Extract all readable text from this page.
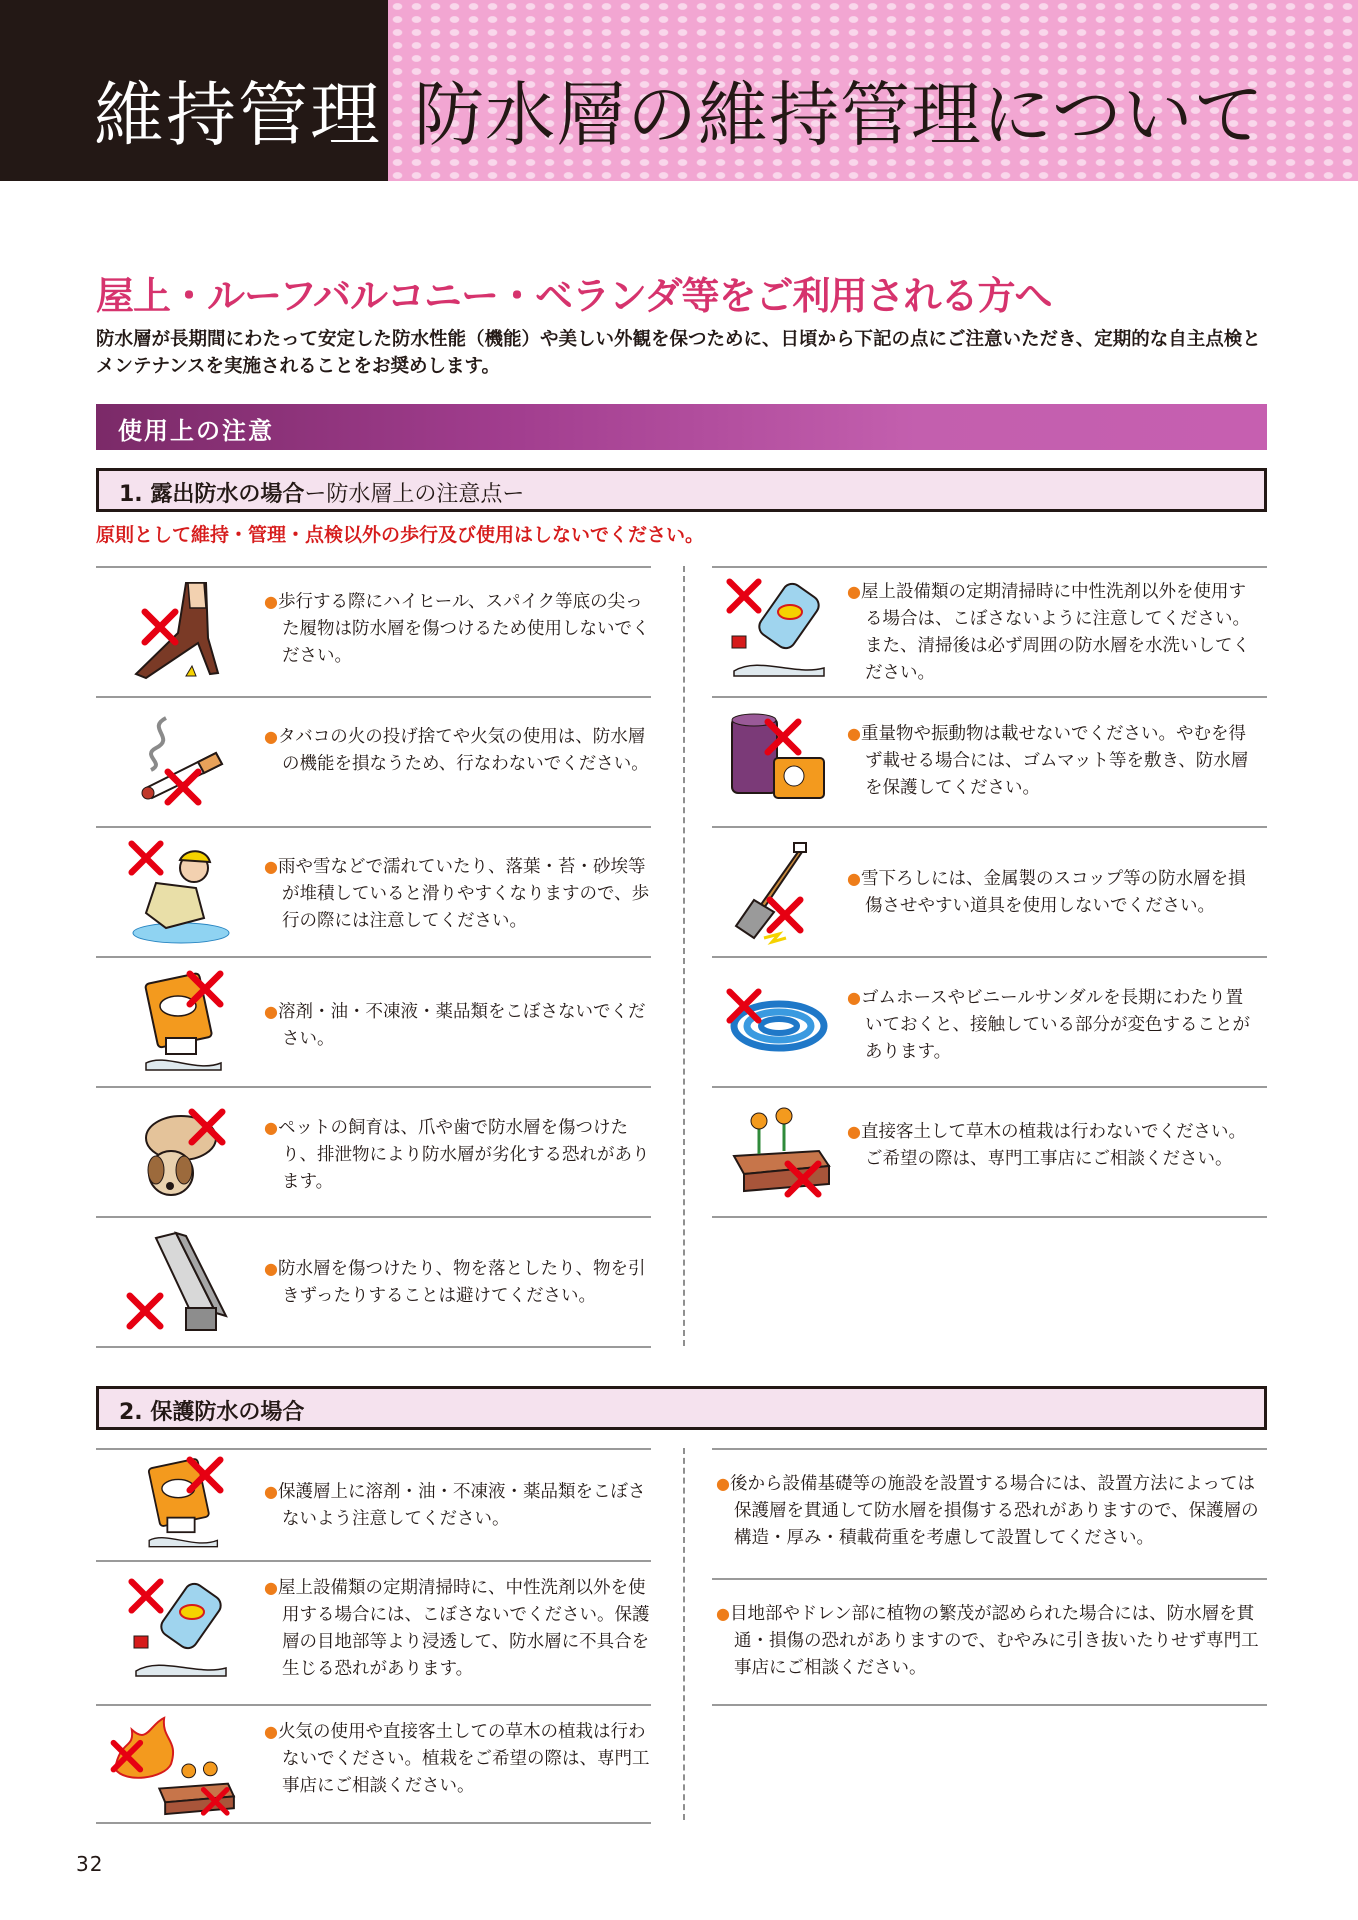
維持管理 防水層の維持管理について
屋上・ルーフバルコニー・ベランダ等をご利用される方へ
防水層が長期間にわたって安定した防水性能（機能）や美しい外観を保つために、日頃から下記の点にご注意いただき、定期的な自主点検とメンテナンスを実施されることをお奨めします。
使用上の注意
1. 露出防水の場合ー防水層上の注意点ー
原則として維持・管理・点検以外の歩行及び使用はしないでください。
● 歩行する際にハイヒール、スパイク等底の尖った履物は防水層を傷つけるため使用しないでください。
● タバコの火の投げ捨てや火気の使用は、防水層の機能を損なうため、行なわないでください。
● 雨や雪などで濡れていたり、落葉・苔・砂埃等が堆積していると滑りやすくなりますので、歩行の際には注意してください。
● 溶剤・油・不凍液・薬品類をこぼさないでください。
● ペットの飼育は、爪や歯で防水層を傷つけたり、排泄物により防水層が劣化する恐れがあります。
● 防水層を傷つけたり、物を落としたり、物を引きずったりすることは避けてください。
● 屋上設備類の定期清掃時に中性洗剤以外を使用する場合は、こぼさないように注意してください。また、清掃後は必ず周囲の防水層を水洗いしてください。
● 重量物や振動物は載せないでください。やむを得ず載せる場合には、ゴムマット等を敷き、防水層を保護してください。
● 雪下ろしには、金属製のスコップ等の防水層を損傷させやすい道具を使用しないでください。
● ゴムホースやビニールサンダルを長期にわたり置いておくと、接触している部分が変色することがあります。
● 直接客土して草木の植栽は行わないでください。ご希望の際は、専門工事店にご相談ください。
2. 保護防水の場合
● 保護層上に溶剤・油・不凍液・薬品類をこぼさないよう注意してください。
● 屋上設備類の定期清掃時に、中性洗剤以外を使用する場合には、こぼさないでください。保護層の目地部等より浸透して、防水層に不具合を生じる恐れがあります。
● 火気の使用や直接客土しての草木の植栽は行わないでください。植栽をご希望の際は、専門工事店にご相談ください。
● 後から設備基礎等の施設を設置する場合には、設置方法によっては保護層を貫通して防水層を損傷する恐れがありますので、保護層の構造・厚み・積載荷重を考慮して設置してください。
● 目地部やドレン部に植物の繁茂が認められた場合には、防水層を貫通・損傷の恐れがありますので、むやみに引き抜いたりせず専門工事店にご相談ください。
32
